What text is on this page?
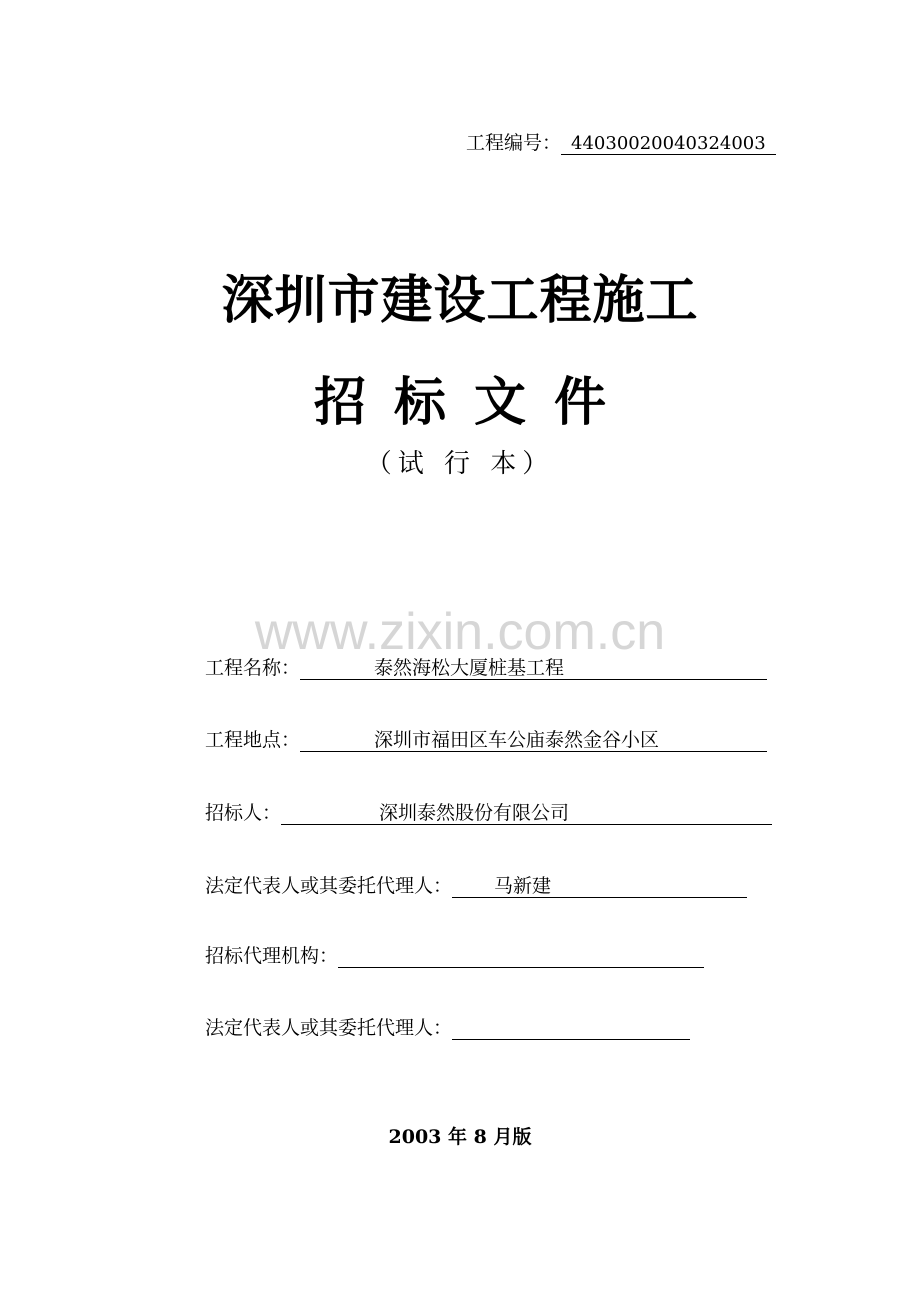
工程编号： 44030020040324003
深圳市建设工程施工
招标文件
（试 行 本）
www.zixin.com.cn
工程名称：	泰然海松大厦桩基工程
工程地点：	深圳市福田区车公庙泰然金谷小区
招标人：	深圳泰然股份有限公司
法定代表人或其委托代理人：	马新建
招标代理机构：
法定代表人或其委托代理人：
2003 年 8 月版
